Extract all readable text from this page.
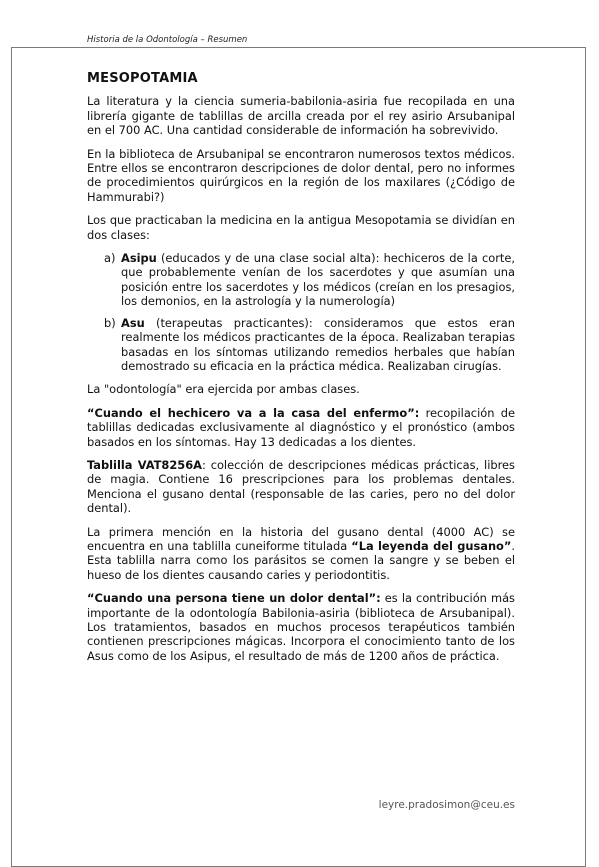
Historia de la Odontología – Resumen
MESOPOTAMIA

La literatura y la ciencia sumeria-babilonia-asiria fue recopilada en una librería gigante de tablillas de arcilla creada por el rey asirio Arsubanipal en el 700 AC. Una cantidad considerable de información ha sobrevivido.

En la biblioteca de Arsubanipal se encontraron numerosos textos médicos. Entre ellos se encontraron descripciones de dolor dental, pero no informes de procedimientos quirúrgicos en la región de los maxilares (¿Código de Hammurabi?)

Los que practicaban la medicina en la antigua Mesopotamia se dividían en dos clases:

a) Asipu (educados y de una clase social alta): hechiceros de la corte, que probablemente venían de los sacerdotes y que asumían una posición entre los sacerdotes y los médicos (creían en los presagios, los demonios, en la astrología y la numerología)
b) Asu (terapeutas practicantes): consideramos que estos eran realmente los médicos practicantes de la época. Realizaban terapias basadas en los síntomas utilizando remedios herbales que habían demostrado su eficacia en la práctica médica. Realizaban cirugías.

La "odontología" era ejercida por ambas clases.

“Cuando el hechicero va a la casa del enfermo”: recopilación de tablillas dedicadas exclusivamente al diagnóstico y el pronóstico (ambos basados en los síntomas. Hay 13 dedicadas a los dientes.

Tablilla VAT8256A: colección de descripciones médicas prácticas, libres de magia. Contiene 16 prescripciones para los problemas dentales. Menciona el gusano dental (responsable de las caries, pero no del dolor dental).

La primera mención en la historia del gusano dental (4000 AC) se encuentra en una tablilla cuneiforme titulada “La leyenda del gusano”. Esta tablilla narra como los parásitos se comen la sangre y se beben el hueso de los dientes causando caries y periodontitis.

“Cuando una persona tiene un dolor dental”: es la contribución más importante de la odontología Babilonia-asiria (biblioteca de Arsubanipal). Los tratamientos, basados en muchos procesos terapéuticos también contienen prescripciones mágicas. Incorpora el conocimiento tanto de los Asus como de los Asipus, el resultado de más de 1200 años de práctica.

leyre.pradosimon@ceu.es
